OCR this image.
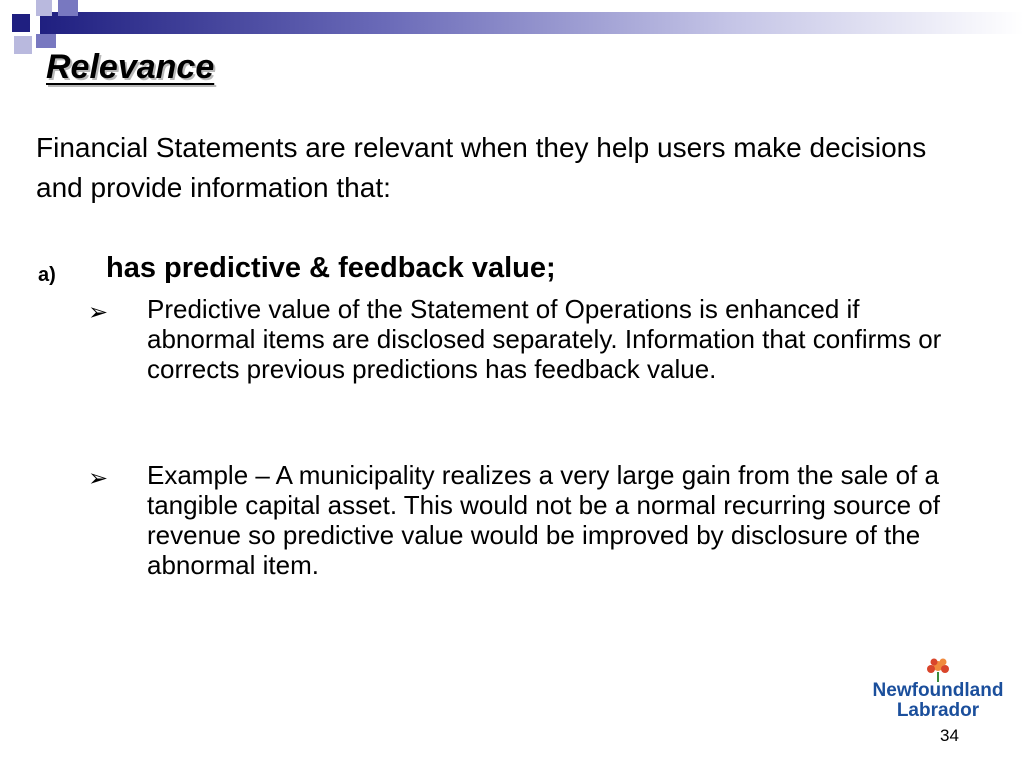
Relevance

Financial Statements are relevant when they help users make decisions and provide information that:

a) has predictive & feedback value;
➢ Predictive value of the Statement of Operations is enhanced if abnormal items are disclosed separately. Information that confirms or corrects previous predictions has feedback value.

➢ Example – A municipality realizes a very large gain from the sale of a tangible capital asset. This would not be a normal recurring source of revenue so predictive value would be improved by disclosure of the abnormal item.

Newfoundland
Labrador
34
